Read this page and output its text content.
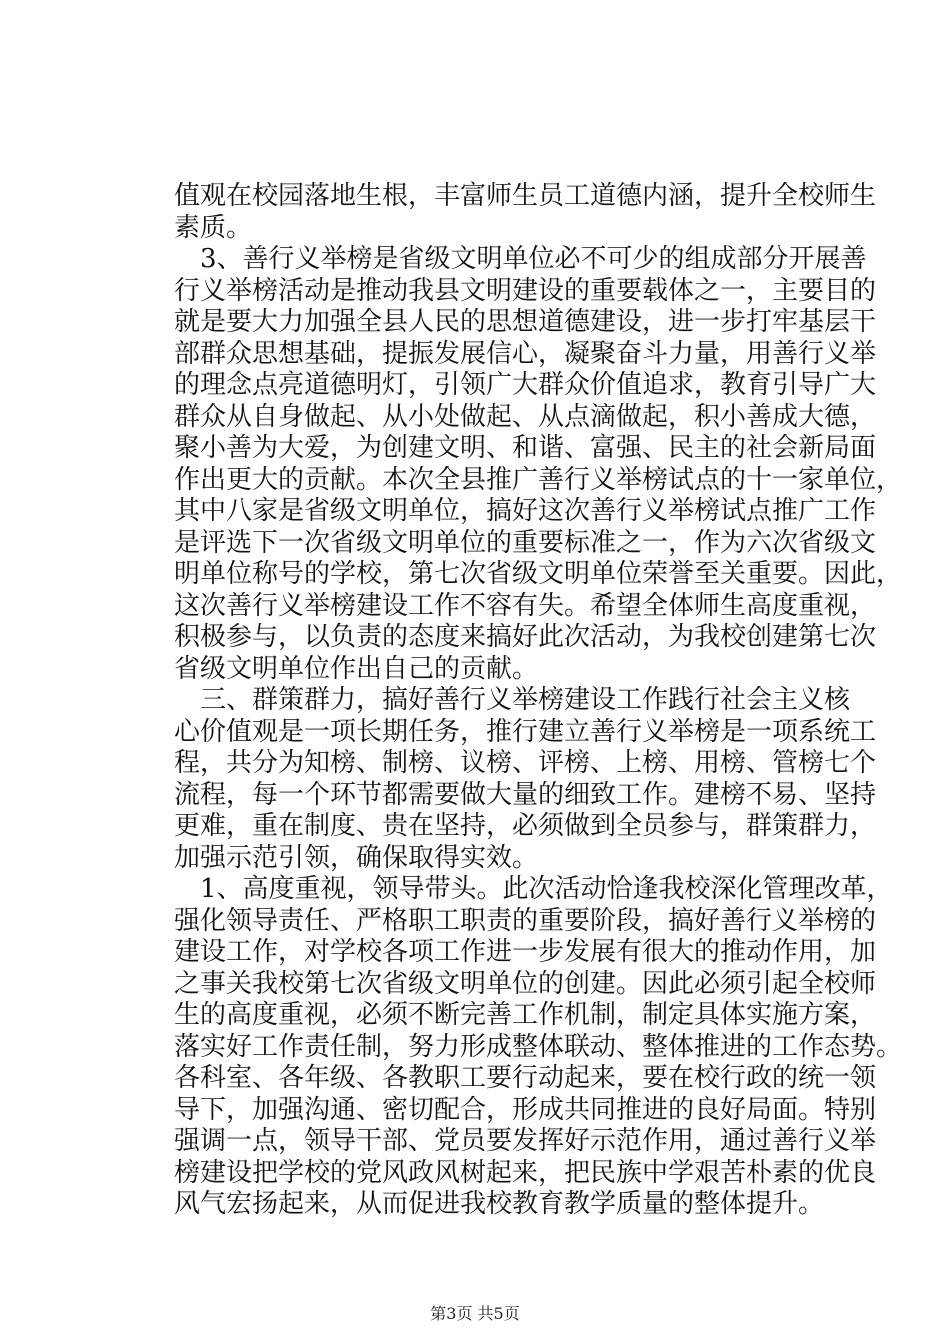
值观在校园落地生根，丰富师生员工道德内涵，提升全校师生
素质。
3、善行义举榜是省级文明单位必不可少的组成部分开展善
行义举榜活动是推动我县文明建设的重要载体之一，主要目的
就是要大力加强全县人民的思想道德建设，进一步打牢基层干
部群众思想基础，提振发展信心，凝聚奋斗力量，用善行义举
的理念点亮道德明灯，引领广大群众价值追求，教育引导广大
群众从自身做起、从小处做起、从点滴做起，积小善成大德，
聚小善为大爱，为创建文明、和谐、富强、民主的社会新局面
作出更大的贡献。本次全县推广善行义举榜试点的十一家单位，
其中八家是省级文明单位，搞好这次善行义举榜试点推广工作
是评选下一次省级文明单位的重要标准之一，作为六次省级文
明单位称号的学校，第七次省级文明单位荣誉至关重要。因此，
这次善行义举榜建设工作不容有失。希望全体师生高度重视，
积极参与，以负责的态度来搞好此次活动，为我校创建第七次
省级文明单位作出自己的贡献。
三、群策群力，搞好善行义举榜建设工作践行社会主义核
心价值观是一项长期任务，推行建立善行义举榜是一项系统工
程，共分为知榜、制榜、议榜、评榜、上榜、用榜、管榜七个
流程，每一个环节都需要做大量的细致工作。建榜不易、坚持
更难，重在制度、贵在坚持，必须做到全员参与，群策群力，
加强示范引领，确保取得实效。
1、高度重视，领导带头。此次活动恰逢我校深化管理改革，
强化领导责任、严格职工职责的重要阶段，搞好善行义举榜的
建设工作，对学校各项工作进一步发展有很大的推动作用，加
之事关我校第七次省级文明单位的创建。因此必须引起全校师
生的高度重视，必须不断完善工作机制，制定具体实施方案，
落实好工作责任制，努力形成整体联动、整体推进的工作态势。
各科室、各年级、各教职工要行动起来，要在校行政的统一领
导下，加强沟通、密切配合，形成共同推进的良好局面。特别
强调一点，领导干部、党员要发挥好示范作用，通过善行义举
榜建设把学校的党风政风树起来，把民族中学艰苦朴素的优良
风气宏扬起来，从而促进我校教育教学质量的整体提升。
第3页 共5页
